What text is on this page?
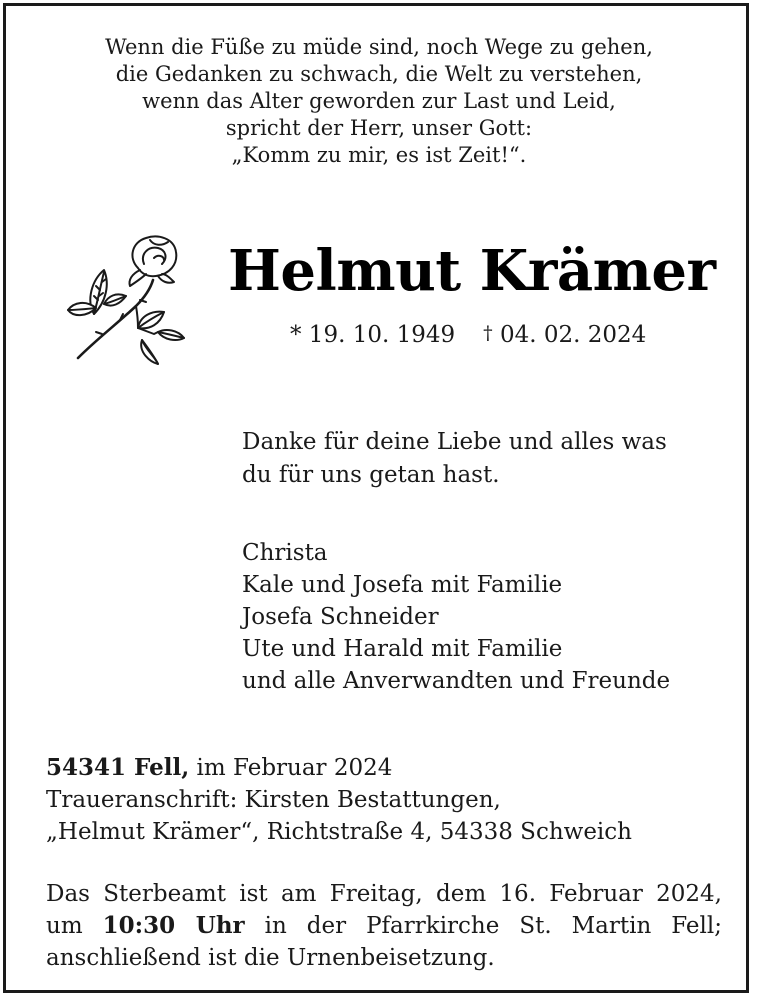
Wenn die Füße zu müde sind, noch Wege zu gehen,
die Gedanken zu schwach, die Welt zu verstehen,
wenn das Alter geworden zur Last und Leid,
spricht der Herr, unser Gott:
„Komm zu mir, es ist Zeit!“.
Helmut Krämer
* 19. 10. 1949 † 04. 02. 2024
Danke für deine Liebe und alles was
du für uns getan hast.
Christa
Kale und Josefa mit Familie
Josefa Schneider
Ute und Harald mit Familie
und alle Anverwandten und Freunde
54341 Fell, im Februar 2024
Traueranschrift: Kirsten Bestattungen,
„Helmut Krämer“, Richtstraße 4, 54338 Schweich
Das Sterbeamt ist am Freitag, dem 16. Februar 2024,
um 10:30 Uhr in der Pfarrkirche St. Martin Fell;
anschließend ist die Urnenbeisetzung.
